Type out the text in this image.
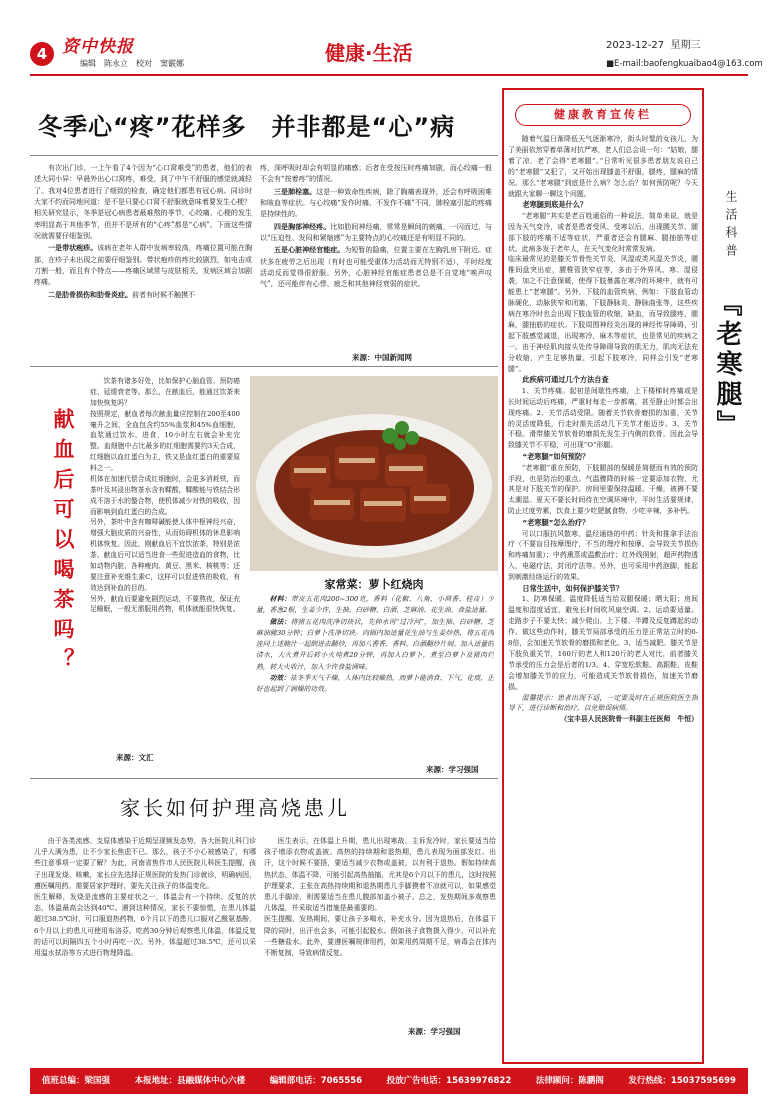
4 资中快报
编辑　陈永立　校对　窦霰娜	健康·生活	2023-12-27 星期三
■E-mail:baofengkuaibao4@163.com
冬季心“疼”花样多　并非都是“心”病
有次出门诊，一上午看了4个因为“心口窝难受”的患者，他们的表述大同小异：早晨外出心口窝疼，难受，到了中午不舒服的感觉就减轻了。我对4位患者进行了细致的检查，确定他们都患有冠心病。同诊时大家不约而同地问道：是不是只要心口窝不舒服就意味着要发生心梗？
相关研究显示，冬季是冠心病患者最难熬的季节，心绞痛、心梗的发生率明显高于其他季节，但并不是所有的“心疼”都是“心病”。下面这些情况就需要仔细鉴别。
一是带状疱疹。该病在老年人群中发病率较高，疼痛位置可能在胸部，在疹子未出现之前要仔细鉴别。带状疱疹的疼比较剧烈，如电击或刀割一般，而且有个特点——疼痛区域常与皮肤相关，发病区域会加剧疼痛。
二是肋骨损伤和肋骨炎症。前者有时候不触摸不
疼，深呼吸时却会有明显的痛感；后者在受按压时疼痛加剧，而心绞痛一般不会有“按着疼”的情况。
三是肺栓塞。这是一种致命性疾病，除了胸痛表现外，还会有呼吸困难和咳血等症状。与心绞痛“发作时痛、不发作不痛”不同，肺栓塞引起的疼痛是持续性的。
四是胸部神经疼。比如肋间神经痛，常常是瞬间的刺痛，一闪而过，与以“压迫性、发闷和紧缩感”为主要特点的心绞痛还是有明显不同的。
五是心脏神经官能症。为短暂的隐痛，位置主要在左胸乳房下附近。症状多在疲劳之后出现（有时也可能受重体力活动而无特别不适），平时经度活动反而觉得很舒服。另外，心脏神经官能症患者总是不自觉地“唉声叹气”，还可能伴有心悸、疲乏和其他神经衰弱的症状。
来源：中国新闻网
生活科普
『老寒腿』
健康教育宣传栏
随着气温日渐降低天气逐渐寒冷，街头时髦的女孩儿，为了美丽依然穿着单薄对抗严寒，老人们总会说一句：“姑娘，腿着了凉，老了会得“老寒腿”。”日常听见很多患者朋友说自己的“老寒腿”又犯了，又开始出现膝盖不舒服，腿疼，腿麻的情况。那么“老寒腿”到底是什么病？怎么治？如何预防呢？今天就跟大家聊一聊这个问题。
老寒腿到底是什么？
“老寒腿”其实是老百姓通俗的一种说法，简单来说，就是因为天气变冷，或者是患者受风、受寒以后，出现腰关节、腿部下肢的疼痛不适等症状，严重者还会有腿麻、腿抽筋等症状。此病多发于老年人，在天气变化时常常发病。
临床最常见的是膝关节骨性关节炎，风湿或类风湿关节炎，腰椎间盘突出症，腰椎管狭窄症等，多由于外界风、寒、湿侵袭，加之不注意保暖，使得下肢暴露在寒冷的环境中，就有可能患上“老寒腿”。另外，下肢的血管疾病，例如：下肢血管动脉硬化，动脉狭窄和闭塞，下肢静脉炎，静脉曲张等，这些疾病在寒冷时也会出现下肢血管的收缩，缺血，而导致腿疼，腿麻，腿抽筋的症状。下肢周围神经炎出现的神经传导障碍，引起下肢感觉减退，出现寒冷，麻木等症状，也是常见的疾病之一。由于神经肌肉接头处传导障碍导致的肌无力，肌肉无法充分收缩，产生足够热量，引起下肢寒冷，同样会引发“老寒腿”。
此疾病可通过几个方法自查
1、关节疼痛。起初是间歇性疼痛，上下楼梯时疼痛或是长时间运动后疼痛，严重时每走一步都痛，甚至静止时都会出现疼痛。2、关节活动受限。随着关节软骨磨损的加重，关节的灵活度降低，行走时需先活动几下关节才能迈步。3、关节不稳。滑带膝关节软骨的磨损先发生于内侧的软骨，因此会导致膝关节不平稳，可出现“O”形腿。
“老寒腿”如何预防？
“老寒腿”重在预防，下肢腿部的保暖是简便而有效的预防手段，也是防治的重点。气温骤降的时候一定要添加衣物，尤其是对下肢关节的保护。房间里要保持温暖、干燥，被褥不要太潮湿。夏天不要长时间待在空调环境中，平时生活要规律，防止过度劳累，饮食上要少吃肥腻食物，少吃辛辣，多补钙。
“老寒腿”怎么治疗？
可以口服抗风散寒，温经通络的中药；针灸和推拿手法治疗（不要盲目按摩理疗，不当的理疗和按摩，会导致关节损伤和疼痛加重）；中药熏蒸或温敷治疗；红外线照射，超声药物透入，电磁疗法，封闭疗法等。另外，也可采用中药泡脚，能起到刺激经络运行的效果。
日常生活中，如何保护膝关节？
1、防寒保暖。温度降低适当给双腿保暖；晒太阳；房间温度和湿度适宜，避免长时间吹风扇空调。2、运动要适量。走路步子不要太快；减少爬山、上下楼、半蹲及反复蹲起的动作。做这些动作时，膝关节局部承受的压力是正常站立时的6-8倍，会加速关节软骨的磨损和老化。3、适当减肥。膝关节是下肢负重关节，160斤的老人和120斤的老人对比，前者膝关节承受的压力会是后者的1/3。4、穿宽松软鞋。高跟鞋，皮鞋会增加膝关节的应力，可能造成关节软骨损伤，加速关节磨损。
温馨提示：患者出现不适，一定要及时在正规医院医生指导下，进行诊断和治疗，以免贻误病情。
（宝丰县人民医院骨一科副主任医师　牛恒）
献血后可以喝茶吗？
饮茶有诸多好处，比如保护心脑血管、预防癌症、延缓衰老等。那么，在献血后，能通过饮茶来加快恢复吗？
按照规定，献血者每次献血量应控制在200至400毫升之间，全血包含约55%血浆和45%血细胞，血浆通过饮水、进食，10小时左右就会补充完整。血细胞中占比最多的红细胞需要约3天合成，红细胞以血红蛋白为主，铁又是血红蛋白的重要原料之一。
机体在加速代偿合成红细胞时，会更多消耗铁，而茶叶及其浸出物茶水含有鞣酸，鞣酸能与铁结合形成不溶于水的螯合物，使机体减少对铁的吸收，因而影响到血红蛋白的合成。
另外，茶叶中含有咖啡碱能使人体中枢神经兴奋，增强大脑皮质的兴奋性，从而妨碍机体的休息影响机体恢复。因此，刚献血后不宜饮浓茶，特别是浓茶。献血后可以适当进食一些促进造血的食物，比如动物内脏、各种瘦肉、黄豆、黑米、核桃等；还要注意补充维生素C，这样可以促进铁的吸收，有效达到补血的目的。
另外，献血后要避免剧烈运动，不要熬夜，保证充足睡眠，一般无需服用药物，机体就能很快恢复。
来源：文汇
家常菜：萝卜红烧肉
材料：带皮五花肉200~300克，香料（花椒、八角、小茴香、桂皮）少量，香葱2根，生姜少许，生抽、白砂糖、白酒、芝麻油、花生油、食盐适量。
做法：将猪五花肉洗净切块状，先伸水再“过冷河”，加生抽、白砂糖、芝麻油腌30分钟；白萝卜洗净切块。向锅内加适量花生油与生姜炒热，将五花肉连同上述腌汁一起倒进去翻炒，再加八香香、香料、白酒翻炒片刻。加入适量的清水，大火煮开后转小火炖煮20分钟，再加入白萝卜，煮至白萝卜及猪肉烂熟，转大火收汁，加入少许食盐调味。
功效：祛冬季天气干燥，人体内比较燥热，而萝卜能消食、下气、化痰，正好也起到了润燥的功效。
来源：学习强国
家长如何护理高烧患儿
由于各类流感、支原体感染于近期呈现频发态势，各大医院儿科门诊儿乎人满为患，让不少家长焦虑不已。那么，孩子不小心被感染了，有哪些注意事项一定要了解？为此，河南省焦作市人民医院儿科医生提醒，孩子出现发烧、咳嗽，家长应先选择正规医院的发热门诊就诊，明确病因，遵医嘱用药。需要居家护理时，要先关注孩子的体温变化。
医生解释，发烧是流感的主要症状之一，体温会有一个持续、反复的状态，体温最高会达到40℃。遇到这种情况，家长不要惊慌，在患儿体温超过38.5℃时，可口服退热药物，6个月以下的患儿口服对乙酰氨基酚，6个月以上的患儿可使用布洛芬。吃药30分钟后观察患儿体温，体温反复的话可以间隔四五个小时再吃一次。另外，体温超过38.5℃，还可以采用温水拭浴等方式进行物理降温。
医生表示，在体温上升期，患儿出现寒战、主诉发冷时，家长要适当给孩子增添衣物或盖被。高热的持续期和退热期，患儿表现为面部发红、出汗，这个时候不要捂，要适当减少衣物或盖被，以有利于退热。假如持续高热状态，体温不降，可能引起高热抽搐，尤其是6个月以下的患儿，这时按照护理要求，主张在高热持续期和退热期患儿手脚摸着不凉就可以，如果感觉患儿手脚凉，则需要适当在患儿腹部加盖小被子。总之，发热期间多观察患儿体温，并采取适当措施是最重要的。
医生提醒，发热期间，要让孩子多喝水，补充水分。因为退热后，在体温下降的同时，出汗也会多，可能引起脱水。假如孩子食物摄入得少，可以补充一些糖盐水。此外，要遵医嘱规律用药，如果用药周期不足，病毒会在体内不断复制，导致病情反复。
来源：学习强国
值班总编：梁国强	本报地址：县融媒体中心六楼	编辑部电话：7065556	投放广告电话：15639976822	法律顾问：陈鹏阁	发行热线：15037595699
